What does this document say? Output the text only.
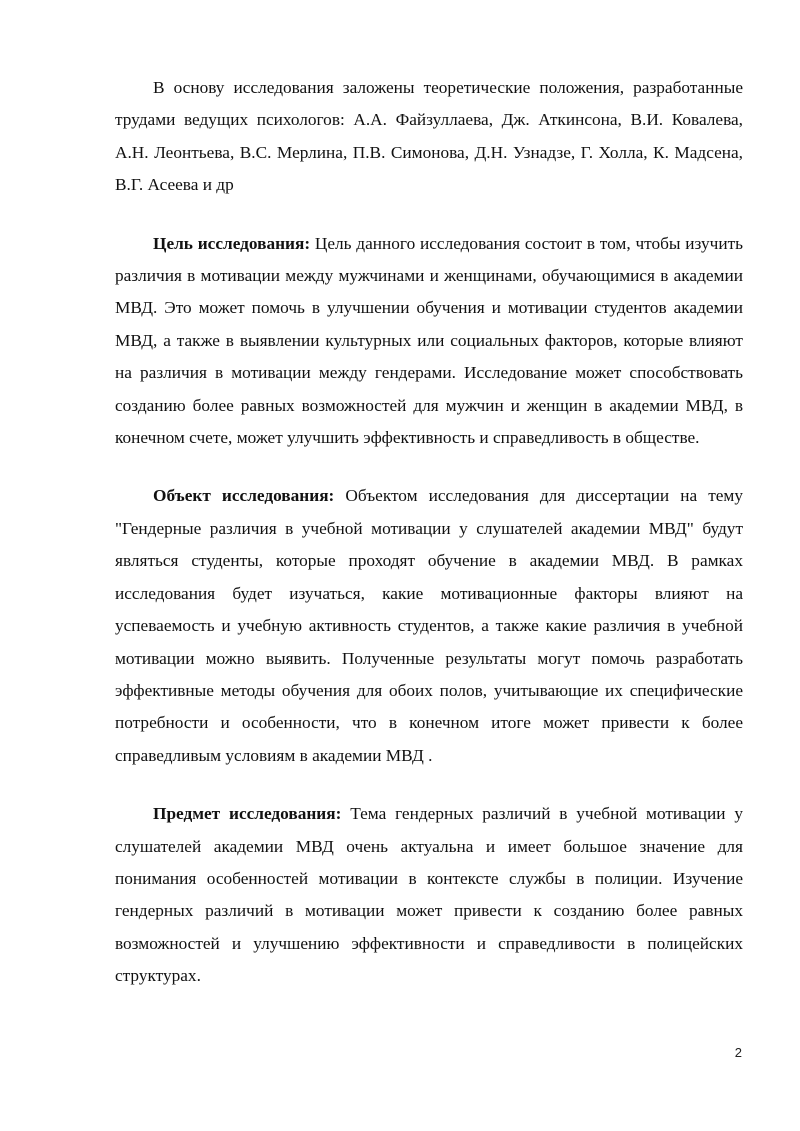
В основу исследования заложены теоретические положения, разработанные трудами ведущих психологов: А.А. Файзуллаева, Дж. Аткинсона, В.И. Ковалева, А.Н. Леонтьева, В.С. Мерлина, П.В. Симонова, Д.Н. Узнадзе, Г. Холла, К. Мадсена, В.Г. Асеева и др

Цель исследования: Цель данного исследования состоит в том, чтобы изучить различия в мотивации между мужчинами и женщинами, обучающимися в академии МВД. Это может помочь в улучшении обучения и мотивации студентов академии МВД, а также в выявлении культурных или социальных факторов, которые влияют на различия в мотивации между гендерами. Исследование может способствовать созданию более равных возможностей для мужчин и женщин в академии МВД, в конечном счете, может улучшить эффективность и справедливость в обществе.

Объект исследования: Объектом исследования для диссертации на тему "Гендерные различия в учебной мотивации у слушателей академии МВД" будут являться студенты, которые проходят обучение в академии МВД. В рамках исследования будет изучаться, какие мотивационные факторы влияют на успеваемость и учебную активность студентов, а также какие различия в учебной мотивации можно выявить. Полученные результаты могут помочь разработать эффективные методы обучения для обоих полов, учитывающие их специфические потребности и особенности, что в конечном итоге может привести к более справедливым условиям в академии МВД .

Предмет исследования: Тема гендерных различий в учебной мотивации у слушателей академии МВД очень актуальна и имеет большое значение для понимания особенностей мотивации в контексте службы в полиции. Изучение гендерных различий в мотивации может привести к созданию более равных возможностей и улучшению эффективности и справедливости в полицейских структурах.

2
